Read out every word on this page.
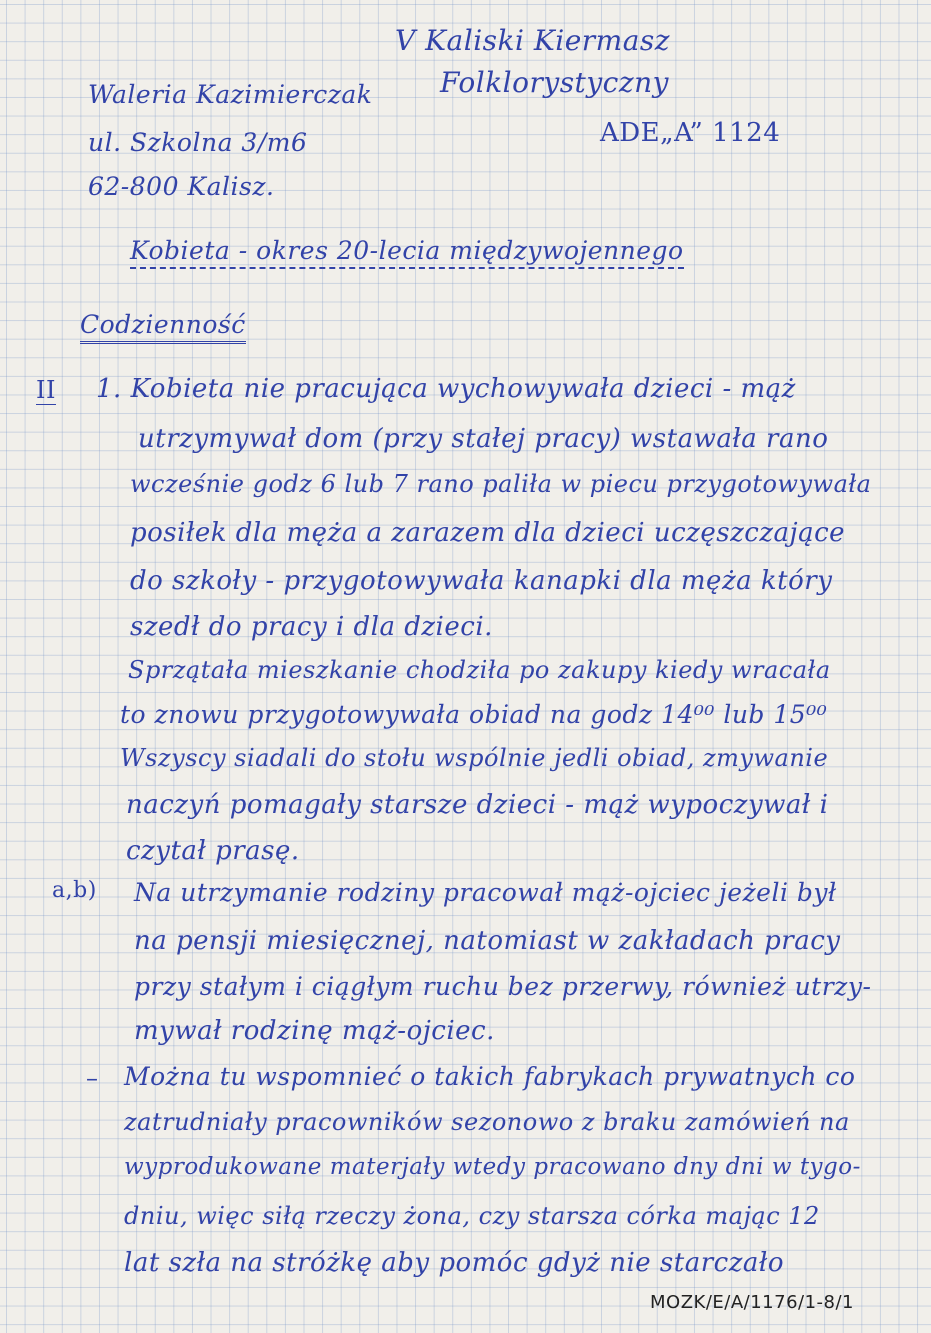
V Kaliski Kiermasz
Folklorystyczny
ADE„A” 1124
Waleria Kazimierczak
ul. Szkolna 3/m6
62-800 Kalisz.
Kobieta - okres 20-lecia międzywojennego
Codzienność
II
a,b)
–
1. Kobieta nie pracująca wychowywała dzieci - mąż
utrzymywał dom (przy stałej pracy) wstawała rano
wcześnie godz 6 lub 7 rano paliła w piecu przygotowywała
posiłek dla męża a zarazem dla dzieci uczęszczające
do szkoły - przygotowywała kanapki dla męża który
szedł do pracy i dla dzieci.
Sprzątała mieszkanie chodziła po zakupy kiedy wracała
to znowu przygotowywała obiad na godz 14⁰⁰ lub 15⁰⁰
Wszyscy siadali do stołu wspólnie jedli obiad, zmywanie
naczyń pomagały starsze dzieci - mąż wypoczywał i
czytał prasę.
Na utrzymanie rodziny pracował mąż-ojciec jeżeli był
na pensji miesięcznej, natomiast w zakładach pracy
przy stałym i ciągłym ruchu bez przerwy, również utrzy-
mywał rodzinę mąż-ojciec.
Można tu wspomnieć o takich fabrykach prywatnych co
zatrudniały pracowników sezonowo z braku zamówień na
wyprodukowane materjały wtedy pracowano dny dni w tygo-
dniu, więc siłą rzeczy żona, czy starsza córka mając 12
lat szła na stróżkę aby pomóc gdyż nie starczało
MOZK/E/A/1176/1-8/1
